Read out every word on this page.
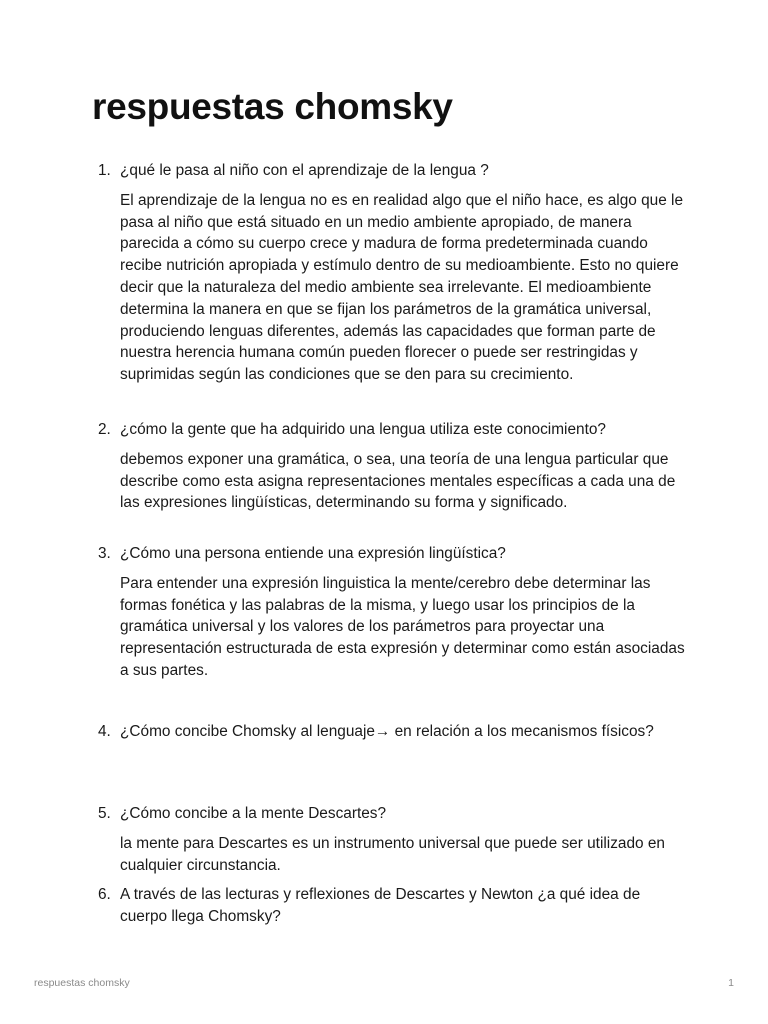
respuestas chomsky
1. ¿qué le pasa al niño con el aprendizaje de la lengua ?
El aprendizaje de la lengua no es en realidad algo que el niño hace, es algo que le pasa al niño que está situado en un medio ambiente apropiado, de manera parecida a cómo su cuerpo crece y madura de forma predeterminada cuando recibe nutrición apropiada y estímulo dentro de su medioambiente. Esto no quiere decir que la naturaleza del medio ambiente sea irrelevante. El medioambiente determina la manera en que se fijan los parámetros de la gramática universal, produciendo lenguas diferentes, además las capacidades que forman parte de nuestra herencia humana común pueden florecer o puede ser restringidas y suprimidas según las condiciones que se den para su crecimiento.
2. ¿cómo la gente que ha adquirido una lengua utiliza este conocimiento?
debemos exponer una gramática, o sea, una teoría de una lengua particular que describe como esta asigna representaciones mentales específicas a cada una de las expresiones lingüísticas, determinando su forma y significado.
3. ¿Cómo una persona entiende una expresión lingüística?
Para entender una expresión linguistica la mente/cerebro debe determinar las formas fonética y las palabras de la misma, y luego usar los principios de la gramática universal y los valores de los parámetros para proyectar una representación estructurada de esta expresión y determinar como están asociadas a sus partes.
4. ¿Cómo concibe Chomsky al lenguaje→ en relación a los mecanismos físicos?
5. ¿Cómo concibe a la mente Descartes?
la mente para Descartes es un instrumento universal que puede ser utilizado en cualquier circunstancia.
6. A través de las lecturas y reflexiones de Descartes y Newton ¿a qué idea de cuerpo llega Chomsky?
respuestas chomsky	1
